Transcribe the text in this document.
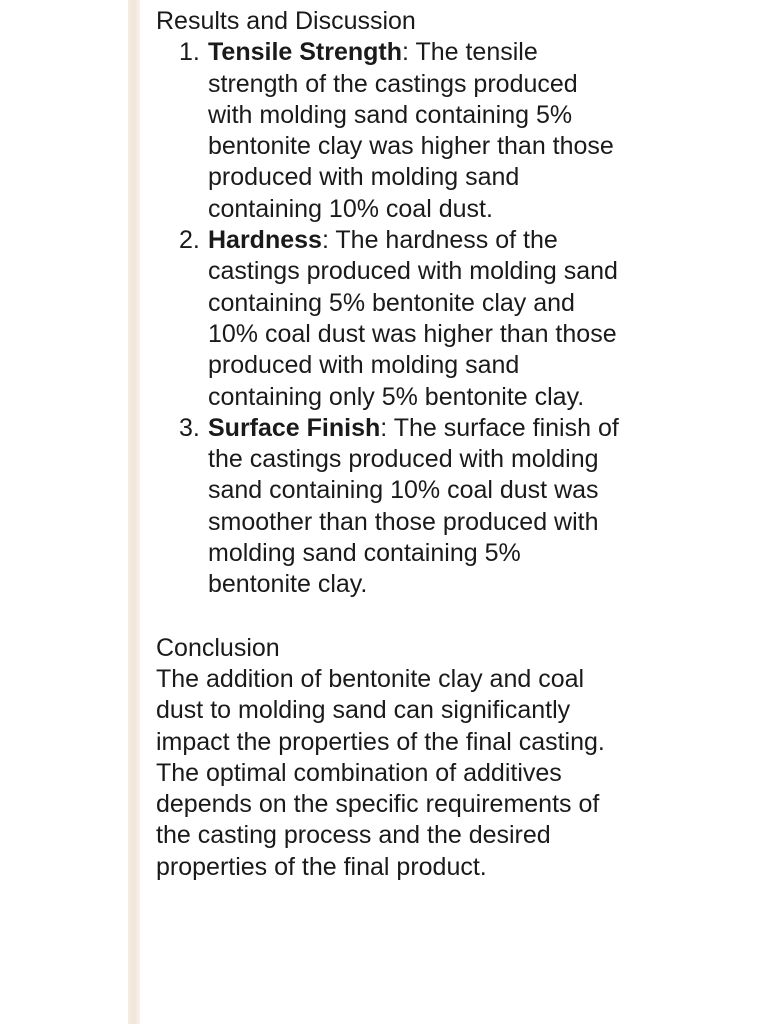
Results and Discussion
Tensile Strength: The tensile strength of the castings produced with molding sand containing 5% bentonite clay was higher than those produced with molding sand containing 10% coal dust.
Hardness: The hardness of the castings produced with molding sand containing 5% bentonite clay and 10% coal dust was higher than those produced with molding sand containing only 5% bentonite clay.
Surface Finish: The surface finish of the castings produced with molding sand containing 10% coal dust was smoother than those produced with molding sand containing 5% bentonite clay.
Conclusion

The addition of bentonite clay and coal dust to molding sand can significantly impact the properties of the final casting. The optimal combination of additives depends on the specific requirements of the casting process and the desired properties of the final product.
